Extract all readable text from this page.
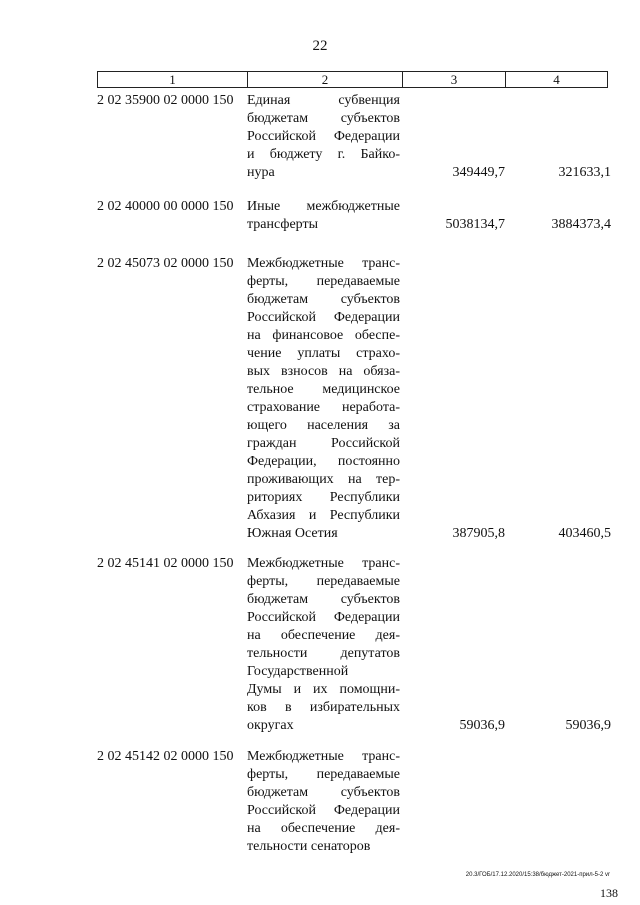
22
1	2	3	4
2 02 35900 02 0000 150 Единая субвенция
бюджетам субъектов
Российской Федерации
и бюджету г. Байко-
нура	349449,7	321633,1
2 02 40000 00 0000 150 Иные межбюджетные
трансферты	5038134,7	3884373,4
2 02 45073 02 0000 150 Межбюджетные транс-
ферты, передаваемые
бюджетам субъектов
Российской Федерации
на финансовое обеспе-
чение уплаты страхо-
вых взносов на обяза-
тельное медицинское
страхование неработа-
ющего населения за
граждан Российской
Федерации, постоянно
проживающих на тер-
риториях Республики
Абхазия и Республики
Южная Осетия	387905,8	403460,5
2 02 45141 02 0000 150 Межбюджетные транс-
ферты, передаваемые
бюджетам субъектов
Российской Федерации
на обеспечение дея-
тельности депутатов
Государственной
Думы и их помощни-
ков в избирательных
округах	59036,9	59036,9
2 02 45142 02 0000 150 Межбюджетные транс-
ферты, передаваемые
бюджетам субъектов
Российской Федерации
на обеспечение дея-
тельности сенаторов
20.3/ГОБ/17.12.2020/15:38/бюджет-2021-прил-5-2 vr
138
